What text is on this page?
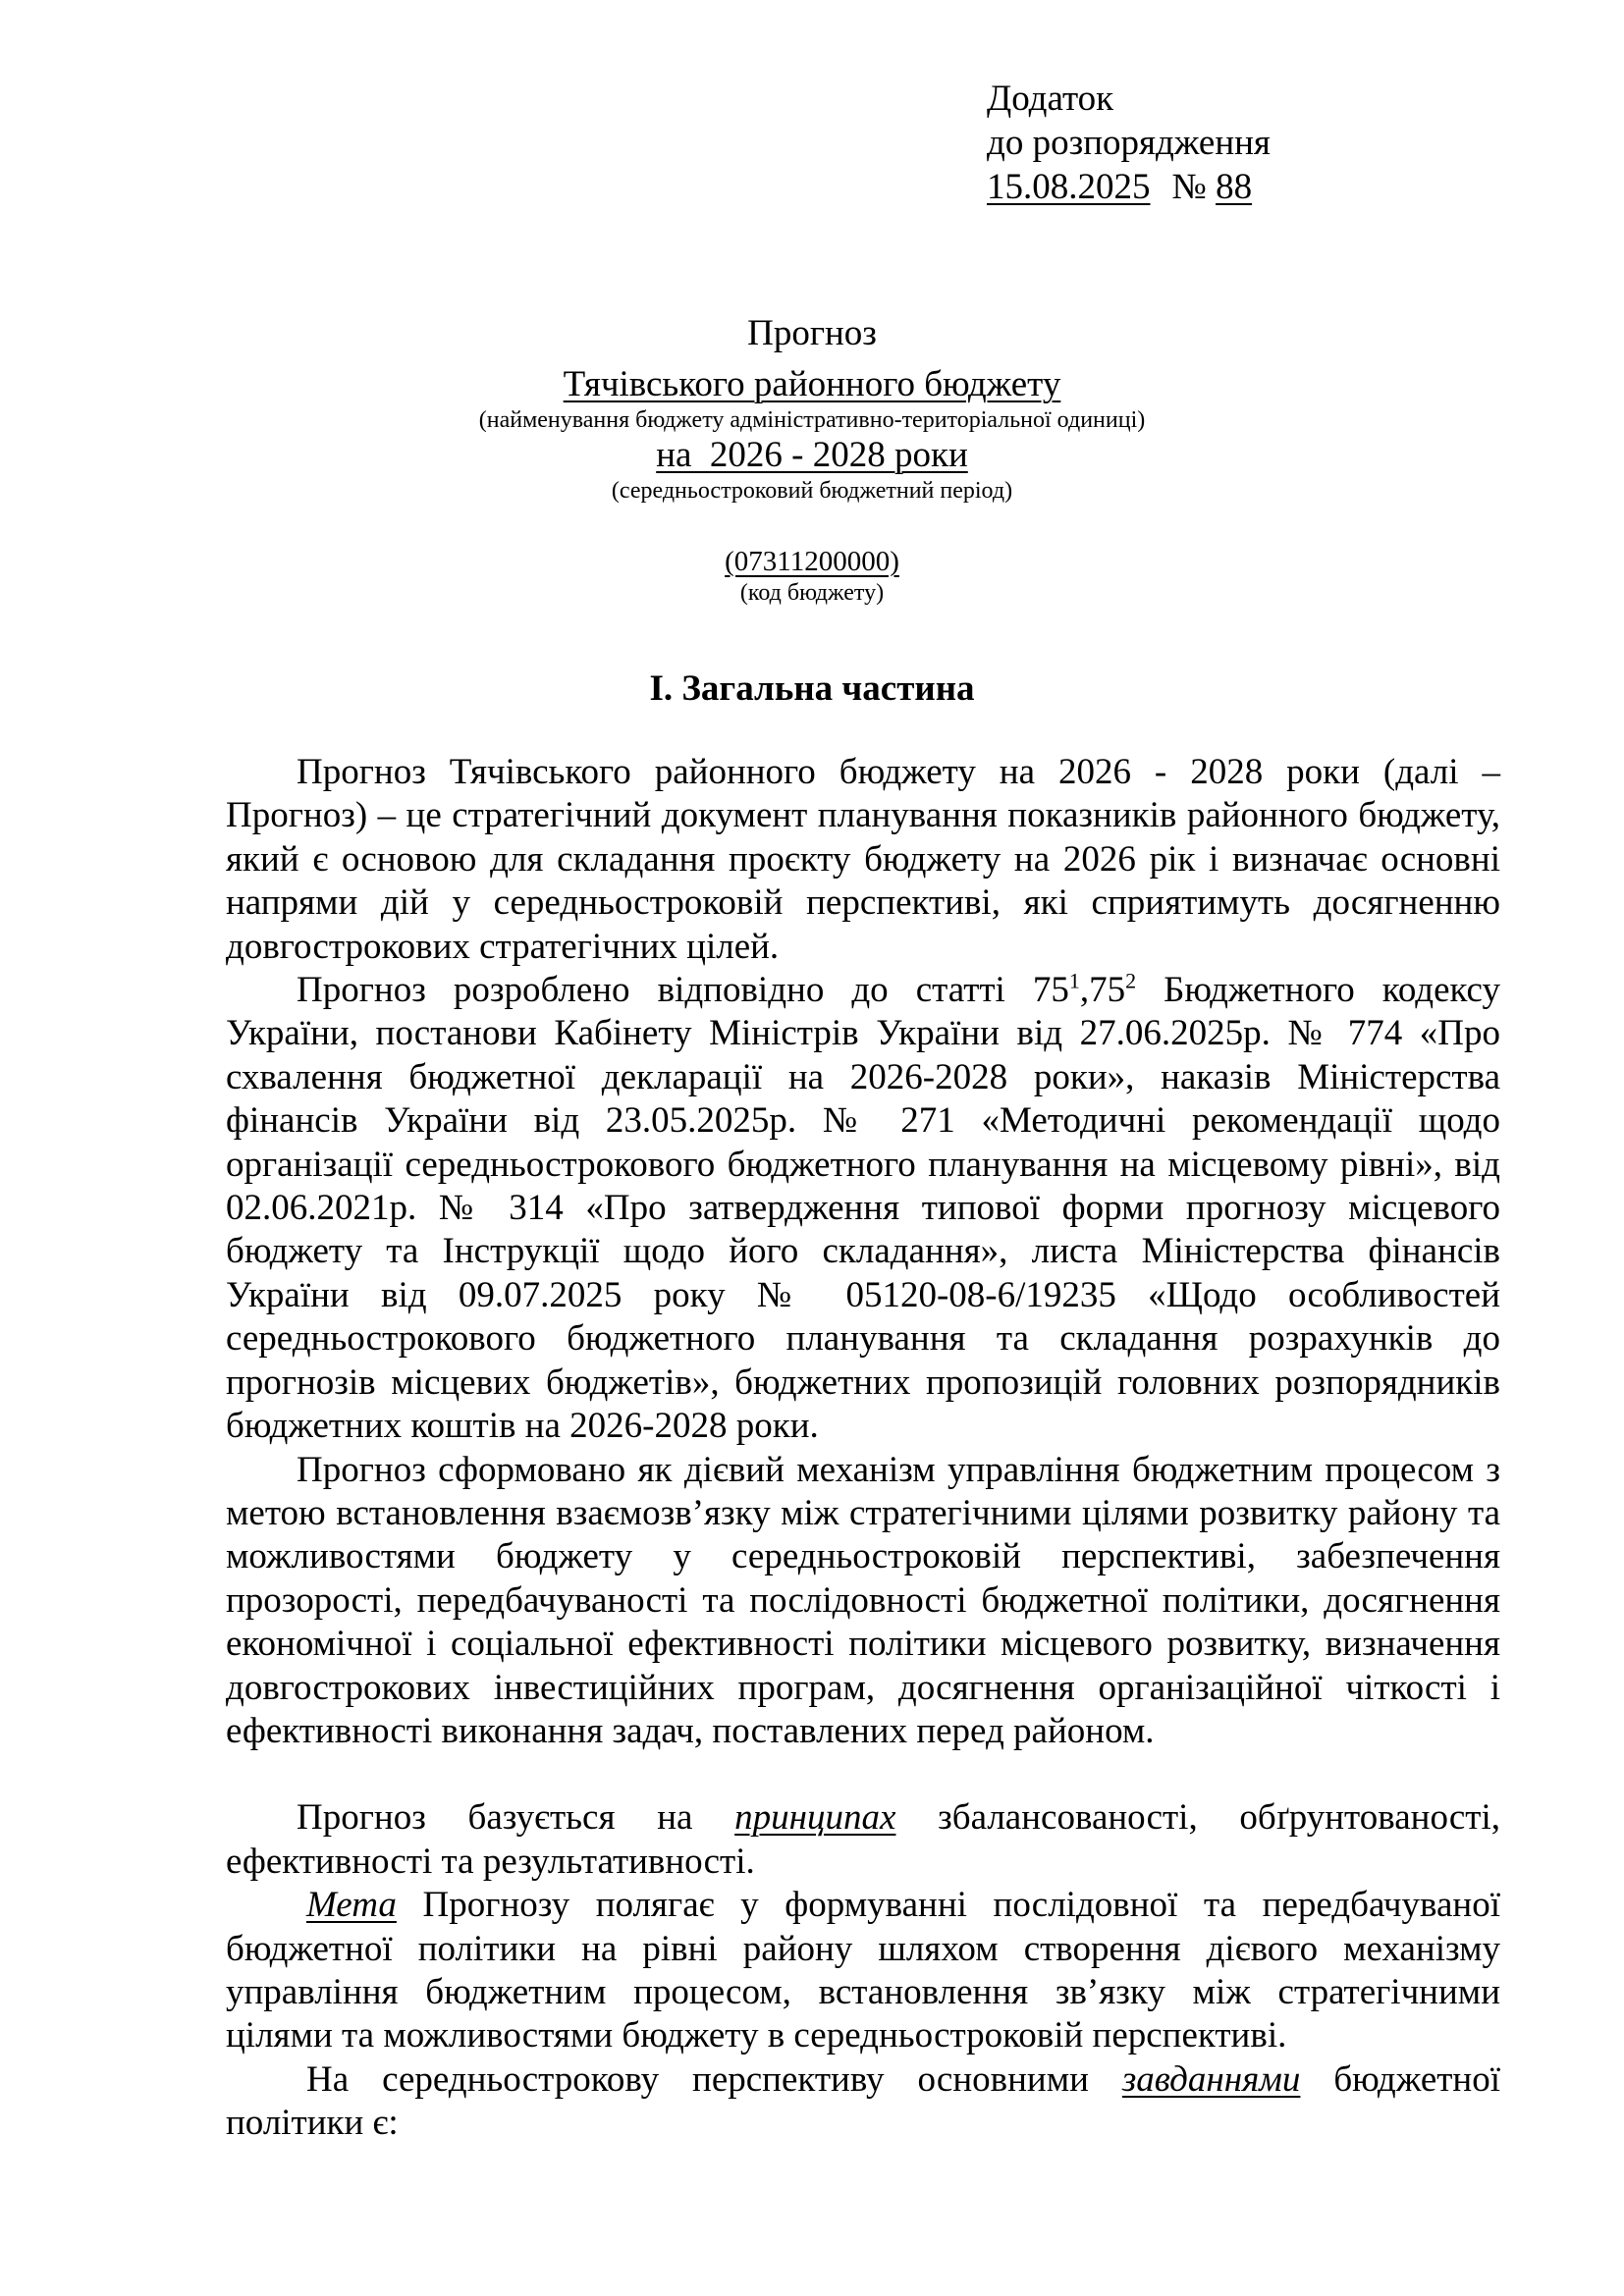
Додаток
до розпорядження
15.08.2025 № 88
Прогноз
Тячівського районного бюджету
(найменування бюджету адміністративно-територіальної одиниці)
на  2026 - 2028 роки
(середньостроковий бюджетний період)
(07311200000)
(код бюджету)
І. Загальна частина

Прогноз Тячівського районного бюджету на 2026 - 2028 роки (далі – Прогноз) – це стратегічний документ планування показників районного бюджету, який є основою для складання проєкту бюджету на 2026 рік і визначає основні напрями дій у середньостроковій перспективі, які сприятимуть досягненню довгострокових стратегічних цілей.

Прогноз розроблено відповідно до статті $75^1,75^2$ Бюджетного кодексу України, постанови Кабінету Міністрів України від 27.06.2025р. № 774 «Про схвалення бюджетної декларації на 2026-2028 роки», наказів Міністерства фінансів України від 23.05.2025р. № 271 «Методичні рекомендації щодо організації середньострокового бюджетного планування на місцевому рівні», від 02.06.2021р. № 314 «Про затвердження типової форми прогнозу місцевого бюджету та Інструкції щодо його складання», листа Міністерства фінансів України від 09.07.2025 року № 05120-08-6/19235 «Щодо особливостей середньострокового бюджетного планування та складання розрахунків до прогнозів місцевих бюджетів», бюджетних пропозицій головних розпорядників бюджетних коштів на 2026-2028 роки.

Прогноз сформовано як дієвий механізм управління бюджетним процесом з метою встановлення взаємозв’язку між стратегічними цілями розвитку району та можливостями бюджету у середньостроковій перспективі, забезпечення прозорості, передбачуваності та послідовності бюджетної політики, досягнення економічної і соціальної ефективності політики місцевого розвитку, визначення довгострокових інвестиційних програм, досягнення організаційної чіткості і ефективності виконання задач, поставлених перед районом.

Прогноз базується на принципах збалансованості, обґрунтованості, ефективності та результативності.

Мета Прогнозу полягає у формуванні послідовної та передбачуваної бюджетної політики на рівні району шляхом створення дієвого механізму управління бюджетним процесом, встановлення зв’язку між стратегічними цілями та можливостями бюджету в середньостроковій перспективі.

На середньострокову перспективу основними завданнями бюджетної політики є:
